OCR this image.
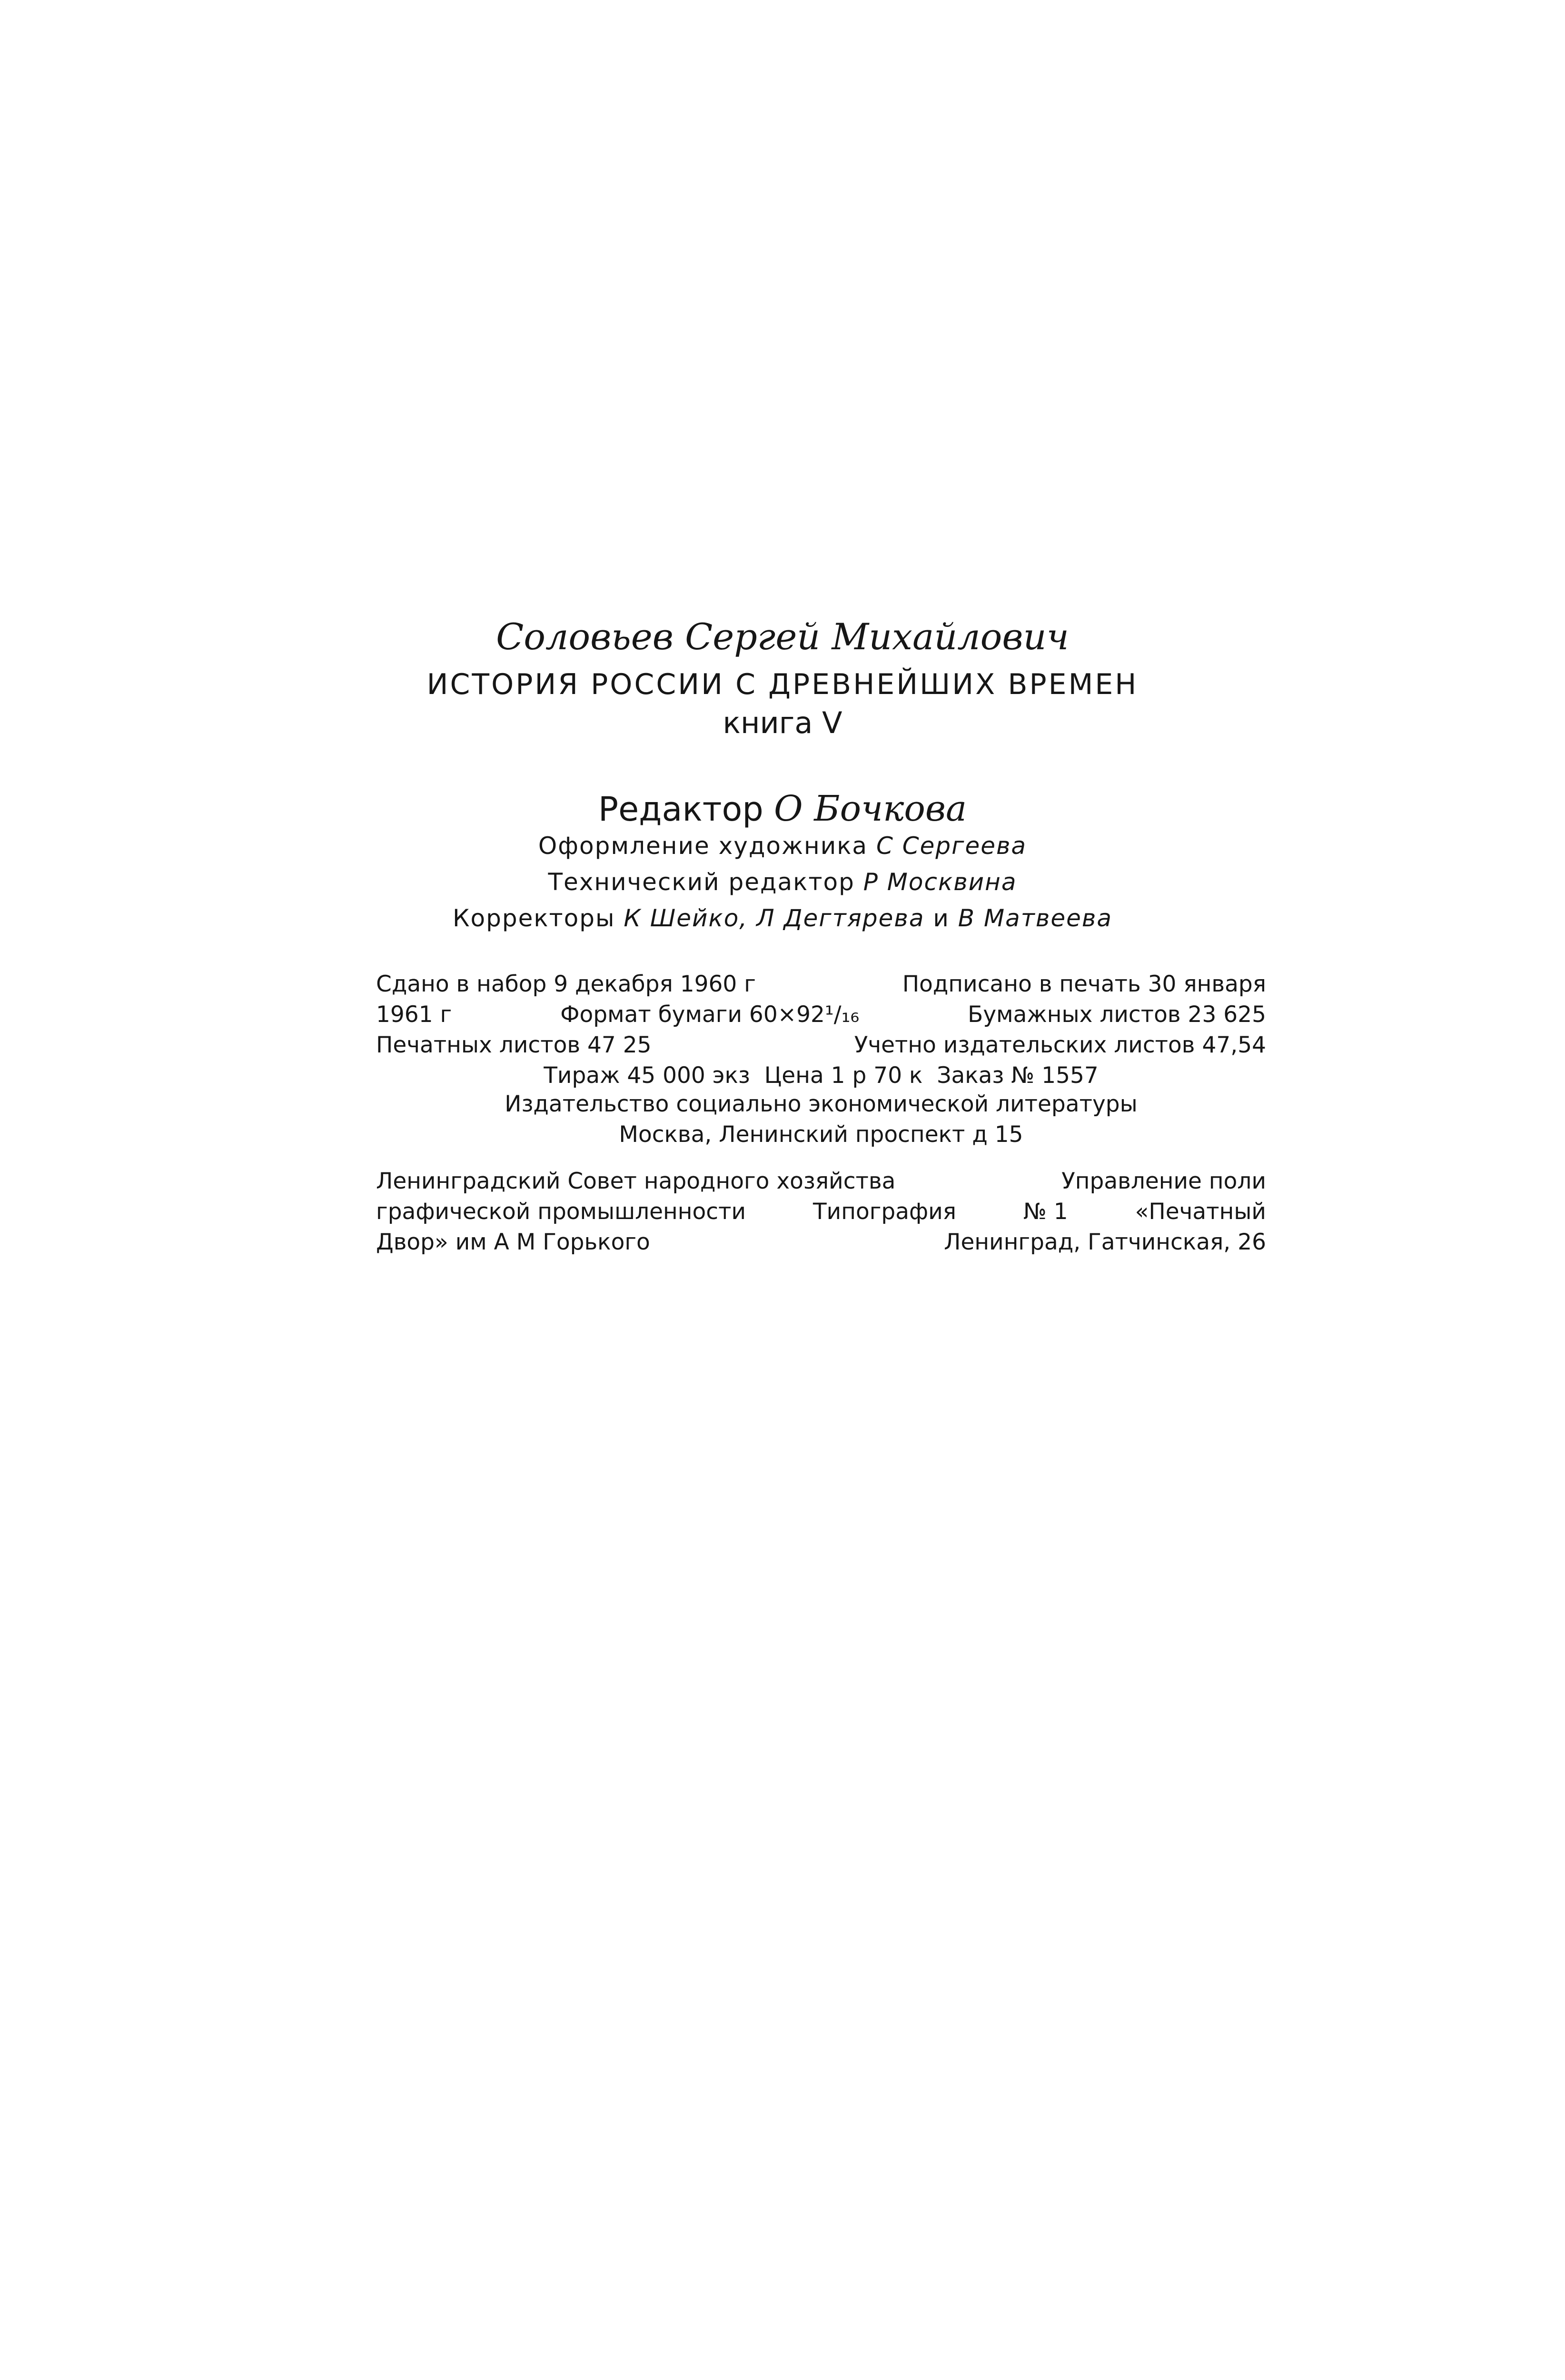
Соловьев Сергей Михайлович
ИСТОРИЯ РОССИИ С ДРЕВНЕЙШИХ ВРЕМЕН
книга V
Редактор О Бочкова
Оформление художника С Сергеева
Технический редактор Р Москвина
Корректоры К Шейко, Л Дегтярева и В Матвеева
Сдано в набор 9 декабря 1960 г	Подписано в печать 30 января
1961 г	Формат бумаги 60×92¹/₁₆	Бумажных листов 23 625
Печатных листов 47 25	Учетно издательских листов 47,54
Тираж 45 000 экз  Цена 1 р 70 к  Заказ № 1557
Издательство социально экономической литературы
Москва, Ленинский проспект д 15
Ленинградский Совет народного хозяйства	Управление поли
графической промышленности	Типография	№ 1	«Печатный
Двор» им А М Горького	Ленинград, Гатчинская, 26
